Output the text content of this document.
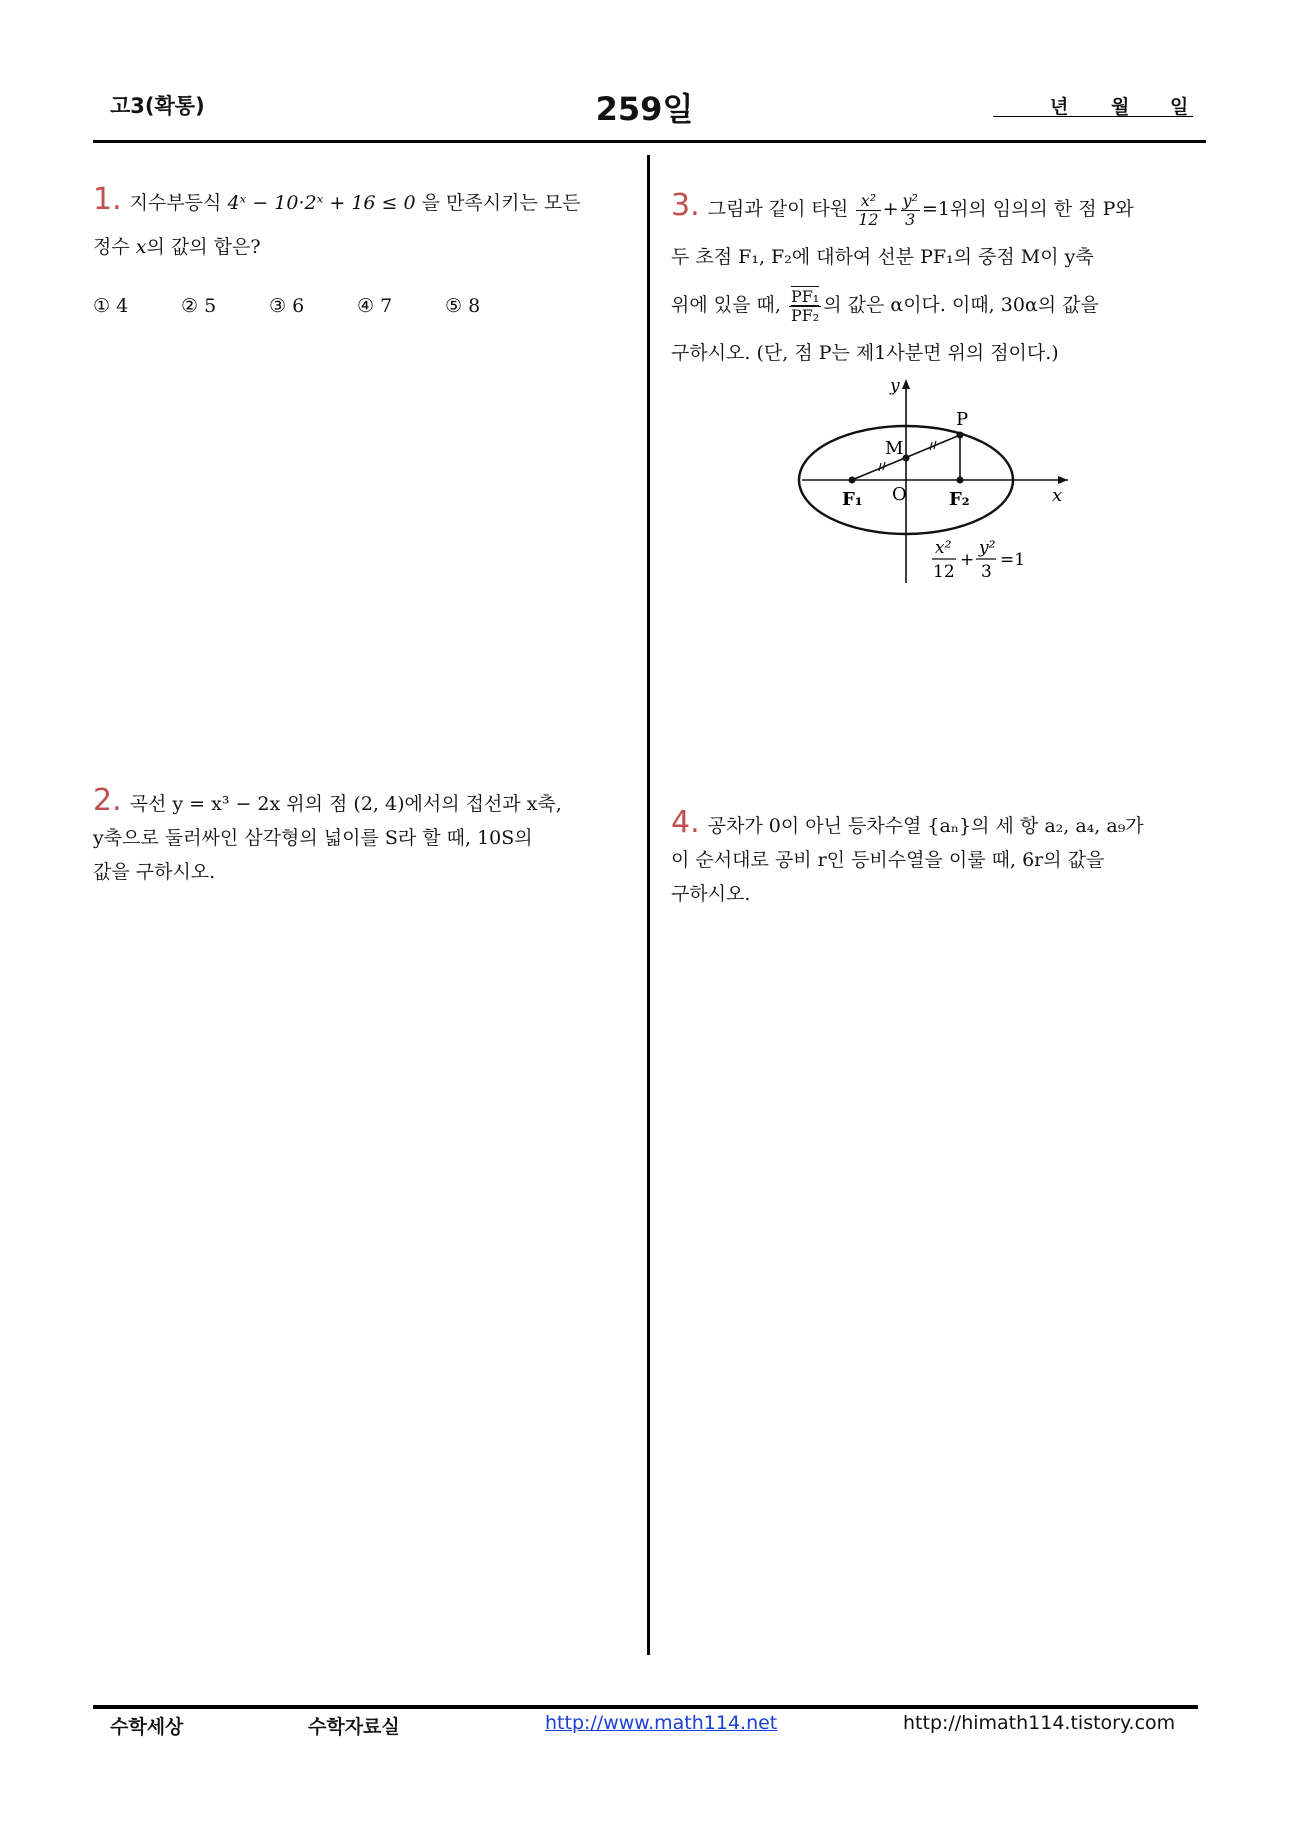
고3(확통)	259일	년 월 일

1. 지수부등식 4ˣ − 10·2ˣ + 16 ≤ 0 을 만족시키는 모든
정수 x의 값의 합은?
① 4	② 5	③ 6	④ 7	⑤ 8
2. 곡선 y = x³ − 2x 위의 점 (2, 4)에서의 접선과 x축,
y축으로 둘러싸인 삼각형의 넓이를 S라 할 때, 10S의
값을 구하시오.
3. 그림과 같이 타원 $\frac{\text{x²}}{12} + \frac{\text{y²}}{3} =1$위의 임의의 한 점 P와
두 초점 F₁, F₂에 대하여 선분 PF₁의 중점 M이 y축
위에 있을 때, $\frac{\text{PF₁}}{\text{PF₂}}$ 의 값은 α이다. 이때, 30α의 값을
구하시오. (단, 점 P는 제1사분면 위의 점이다.)
y
x
P
M
O
F₁	F₂
x²
12
+
y²
3
=1
4. 공차가 0이 아닌 등차수열 {aₙ}의 세 항 a₂, a₄, a₉가
이 순서대로 공비 r인 등비수열을 이룰 때, 6r의 값을
구하시오.
수학세상	수학자료실	http://www.math114.net	http://himath114.tistory.com
